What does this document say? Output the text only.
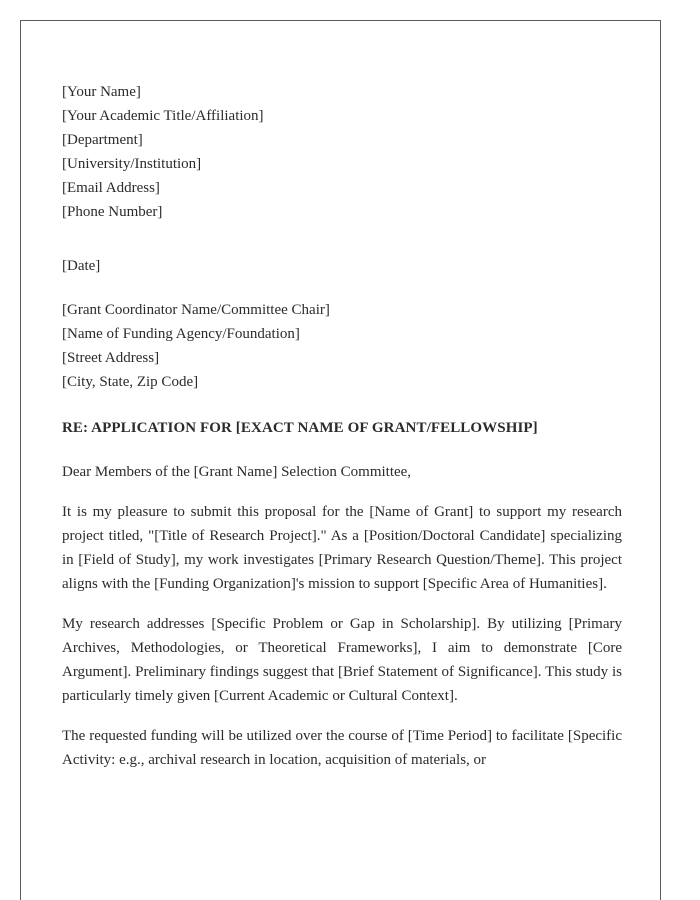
[Your Name]
[Your Academic Title/Affiliation]
[Department]
[University/Institution]
[Email Address]
[Phone Number]
[Date]
[Grant Coordinator Name/Committee Chair]
[Name of Funding Agency/Foundation]
[Street Address]
[City, State, Zip Code]
RE: APPLICATION FOR [EXACT NAME OF GRANT/FELLOWSHIP]
Dear Members of the [Grant Name] Selection Committee,

It is my pleasure to submit this proposal for the [Name of Grant] to support my research project titled, "[Title of Research Project]." As a [Position/Doctoral Candidate] specializing in [Field of Study], my work investigates [Primary Research Question/Theme]. This project aligns with the [Funding Organization]'s mission to support [Specific Area of Humanities].

My research addresses [Specific Problem or Gap in Scholarship]. By utilizing [Primary Archives, Methodologies, or Theoretical Frameworks], I aim to demonstrate [Core Argument]. Preliminary findings suggest that [Brief Statement of Significance]. This study is particularly timely given [Current Academic or Cultural Context].

The requested funding will be utilized over the course of [Time Period] to facilitate [Specific Activity: e.g., archival research in location, acquisition of materials, or
